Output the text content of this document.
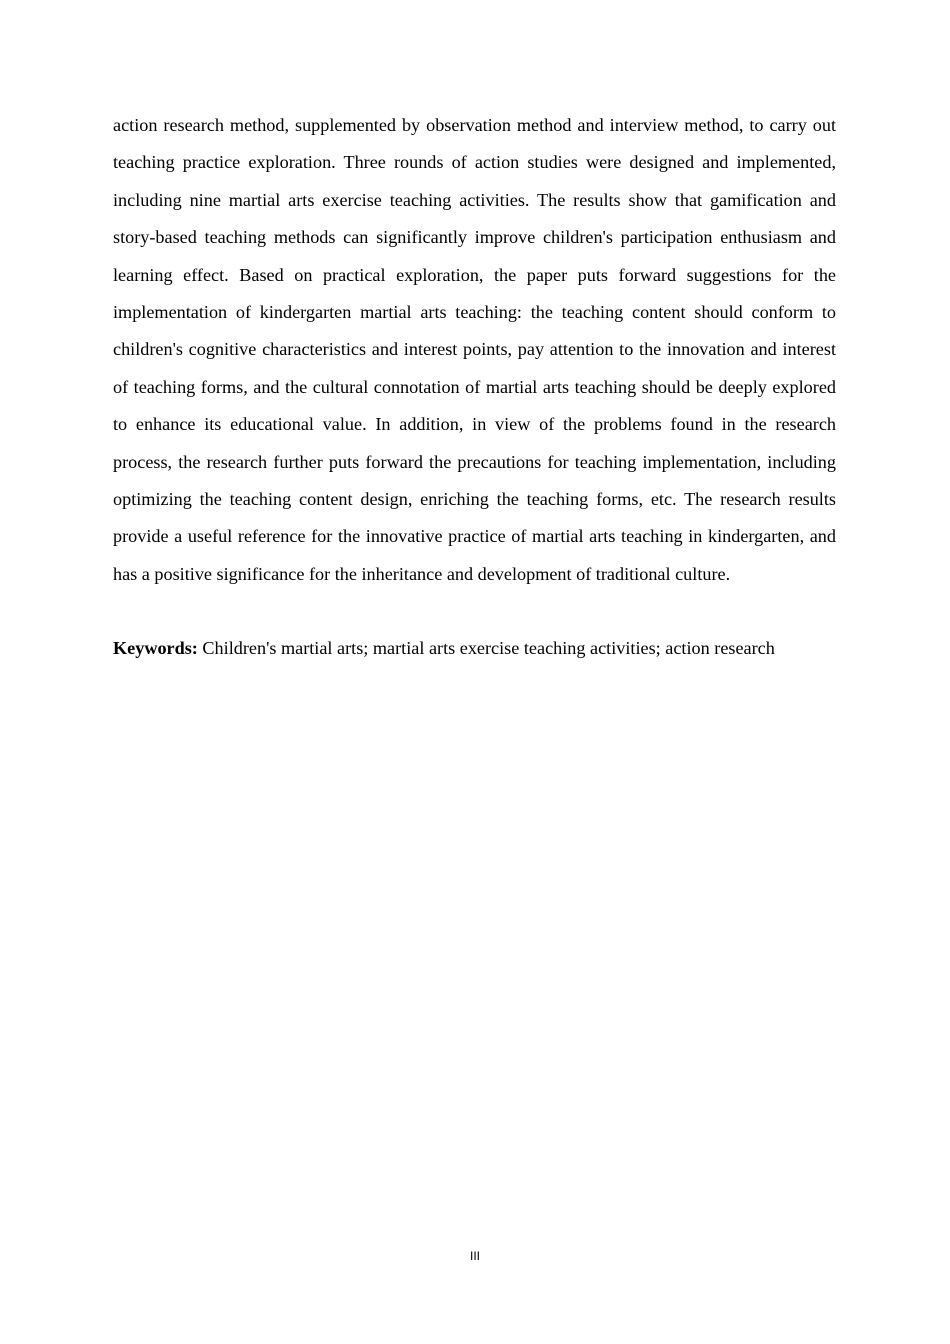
action research method, supplemented by observation method and interview method, to carry out teaching practice exploration. Three rounds of action studies were designed and implemented, including nine martial arts exercise teaching activities. The results show that gamification and story-based teaching methods can significantly improve children's participation enthusiasm and learning effect. Based on practical exploration, the paper puts forward suggestions for the implementation of kindergarten martial arts teaching: the teaching content should conform to children's cognitive characteristics and interest points, pay attention to the innovation and interest of teaching forms, and the cultural connotation of martial arts teaching should be deeply explored to enhance its educational value. In addition, in view of the problems found in the research process, the research further puts forward the precautions for teaching implementation, including optimizing the teaching content design, enriching the teaching forms, etc. The research results provide a useful reference for the innovative practice of martial arts teaching in kindergarten, and has a positive significance for the inheritance and development of traditional culture.

Keywords: Children's martial arts; martial arts exercise teaching activities; action research

III
